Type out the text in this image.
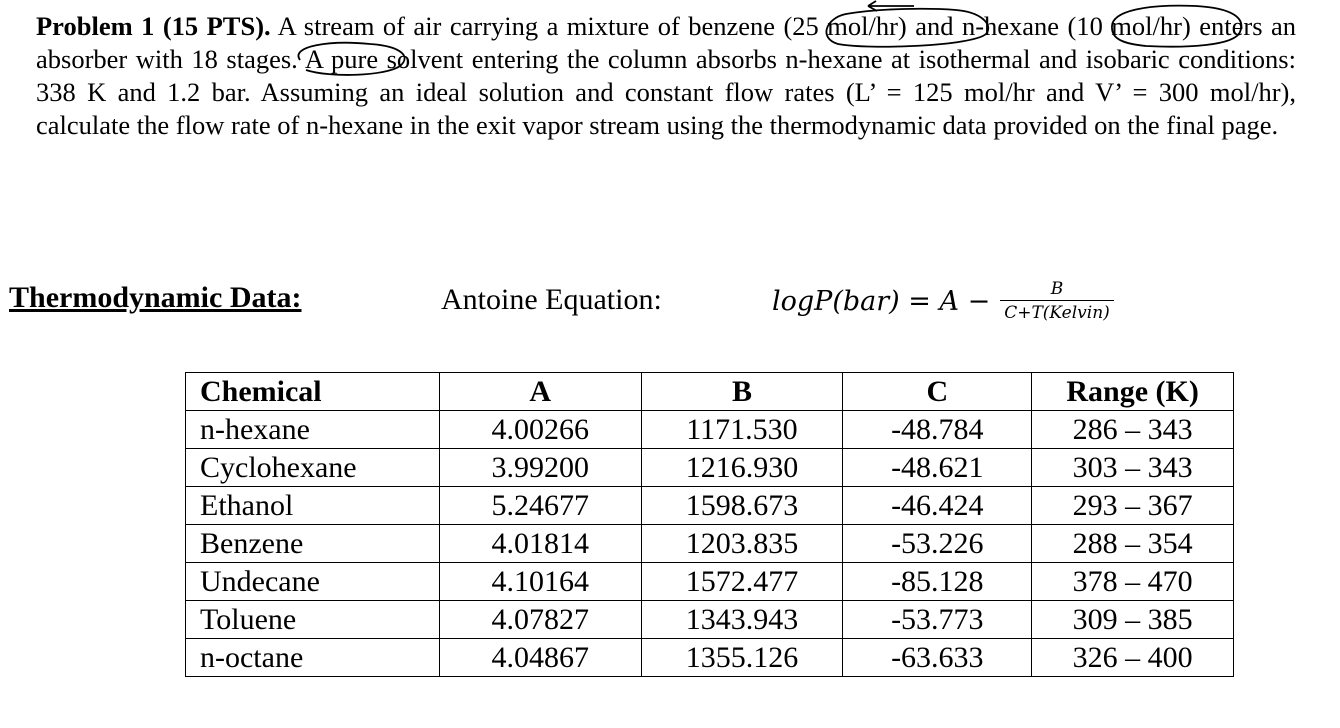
Problem 1 (15 PTS). A stream of air carrying a mixture of benzene (25 mol/hr) and n-hexane (10 mol/hr) enters an absorber with 18 stages. A pure solvent entering the column absorbs n-hexane at isothermal and isobaric conditions: 338 K and 1.2 bar. Assuming an ideal solution and constant flow rates (L’ = 125 mol/hr and V’ = 300 mol/hr), calculate the flow rate of n-hexane in the exit vapor stream using the thermodynamic data provided on the final page.

Thermodynamic Data:	Antoine Equation:	$\log P(bar) = A - \frac{B}{\text{C+T(Kelvin)}}$
Chemical	A	B	C	Range (K)
n-hexane	4.00266	1171.530	-48.784	286 – 343
Cyclohexane	3.99200	1216.930	-48.621	303 – 343
Ethanol	5.24677	1598.673	-46.424	293 – 367
Benzene	4.01814	1203.835	-53.226	288 – 354
Undecane	4.10164	1572.477	-85.128	378 – 470
Toluene	4.07827	1343.943	-53.773	309 – 385
n-octane	4.04867	1355.126	-63.633	326 – 400
